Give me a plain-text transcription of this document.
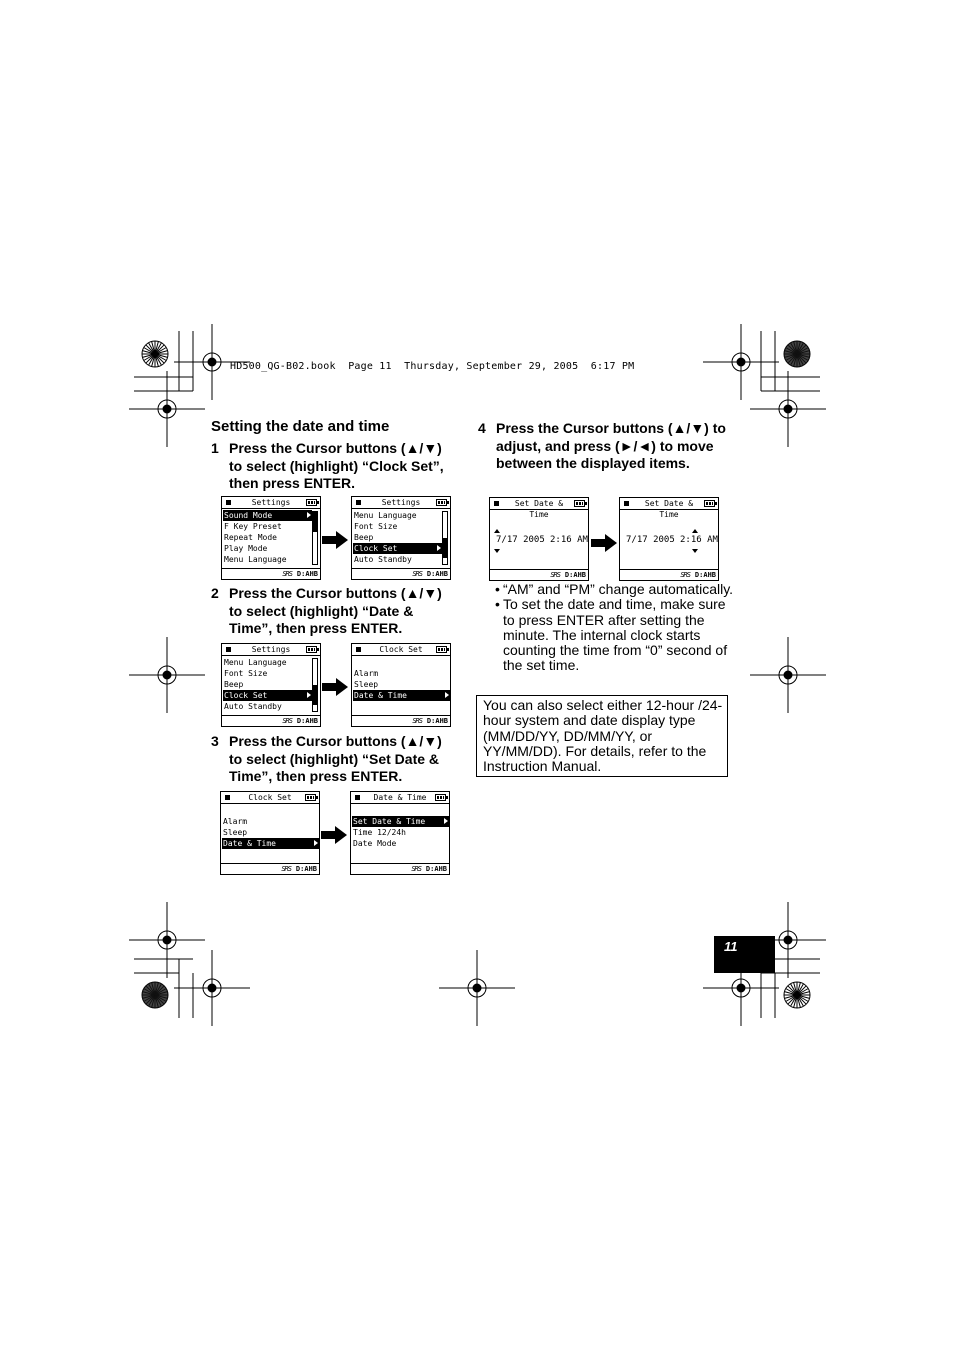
HD500_QG-B02.book  Page 11  Thursday, September 29, 2005  6:17 PM
Setting the date and time
1 Press the Cursor buttons (▲/▼) to select (highlight) “Clock Set”, then press ENTER.
Settings
Sound Mode
F Key Preset
Repeat Mode
Play Mode
Menu Language
SRS D:AHB
Settings
Menu Language
Font Size
Beep
Clock Set
Auto Standby
SRS D:AHB
2 Press the Cursor buttons (▲/▼) to select (highlight) “Date & Time”, then press ENTER.
Settings
Menu Language
Font Size
Beep
Clock Set
Auto Standby
SRS D:AHB
Clock Set
Alarm
Sleep
Date & Time
SRS D:AHB
3 Press the Cursor buttons (▲/▼) to select (highlight) “Set Date & Time”, then press ENTER.
Clock Set
Alarm
Sleep
Date & Time
SRS D:AHB
Date & Time
Set Date & Time
Time 12/24h
Date Mode
SRS D:AHB
4 Press the Cursor buttons (▲/▼) to adjust, and press (►/◄) to move between the displayed items.
Set Date & Time
7/17 2005 2:16 AM
SRS D:AHB
Set Date & Time
7/17 2005 2:16 AM
SRS D:AHB
• “AM” and “PM” change automatically.
• To set the date and time, make sure to press ENTER after setting the minute. The internal clock starts counting the time from “0” second of the set time.
You can also select either 12-hour /24-hour system and date display type (MM/DD/YY, DD/MM/YY, or YY/MM/DD). For details, refer to the Instruction Manual.
11
